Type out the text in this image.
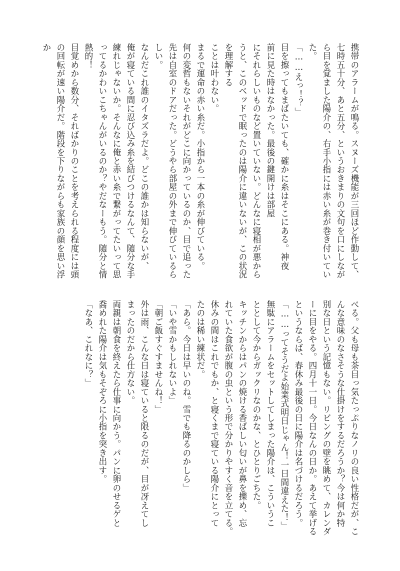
携帯のアラームが鳴る。スヌーズ機能が三回ほど作動して、
七時五十分、あと五分、というおきまりの文句を口にしなが
ら目を覚ました陽介の、右手小指には赤い糸が巻き付いてい
た。
「……えっ！？」
目を擦ってもまばたいても、確かに糸はそこにある。神夜
前に見た時はなかった。最後の鍵開けは部屋
にそれらしいものなど置いていない。どんなに寝相が悪から
うと、このベッドで眠ったのは陽介に違いないが、この状況を理解する
ことは叶わない。
まるで運命の赤い糸だ。小指から一本の糸が伸びている。
何の変哲もないそれがどこに向かっているのか、目で追った
先は自室のドアだった。どうやら部屋の外まで伸びているら
しい。
なんだこれ誰のイタズラだよ。どこの誰かは知らないが、
俺が寝ている間に忍び込み糸を結びつけるなんて、随分な手
練れじゃないか。そんなに俺と赤い糸で繋がってたいって思
ってるかわいこちゃんがいるのか？やだなーもう。随分と情
熱的！
目覚めから数分、そればかりのことを考えられる程度には頭
の回転が速い陽介だ。階段を下りながらも家族の顔を思い浮か
べる。父も母も茶目っ気たっぷりなノリの良い性格だが、こ
んな意味のなさそうな仕掛けをするだろうか？今は何か特
別な日という記憶もない。リビングの壁を眺めて、カレンダ
ーに目をやる。四月十一日。今日なんの日か。あえて挙げる
というならば、春休み最後の日に陽介は名づけるだろう。
「……ってそうだよ始業式明日じゃん！一日間違えた！」
無駄にアラームをセットしてしまった陽介は、こういうこ
ととして今からガックリなのかな、とひとりごちた。
キッチンからはパンの焼ける香ばしい匂いが鼻を擽め、忘
れていた食欲が腹の虫という形で分かりやすく音を立てる。
休みの間はこれでもか、と寝くまで寝ている陽介にとって
たのは稀い練状だ。
「あら。今日は早いのね。雪でも降るのかしら」
「いや雪かもしれないよ」
「朝ご飯すぐすませんね！」
外は雨、こんな日は寝ていると限るのだが、目が冴えてし
まったのだから仕方ない。
両親は朝食を終えたら仕事に向かう。パンに卵のせるゲと
喬めれた陽介は気もそぞろに小指を突き出す。
「なあ、これなに？」
